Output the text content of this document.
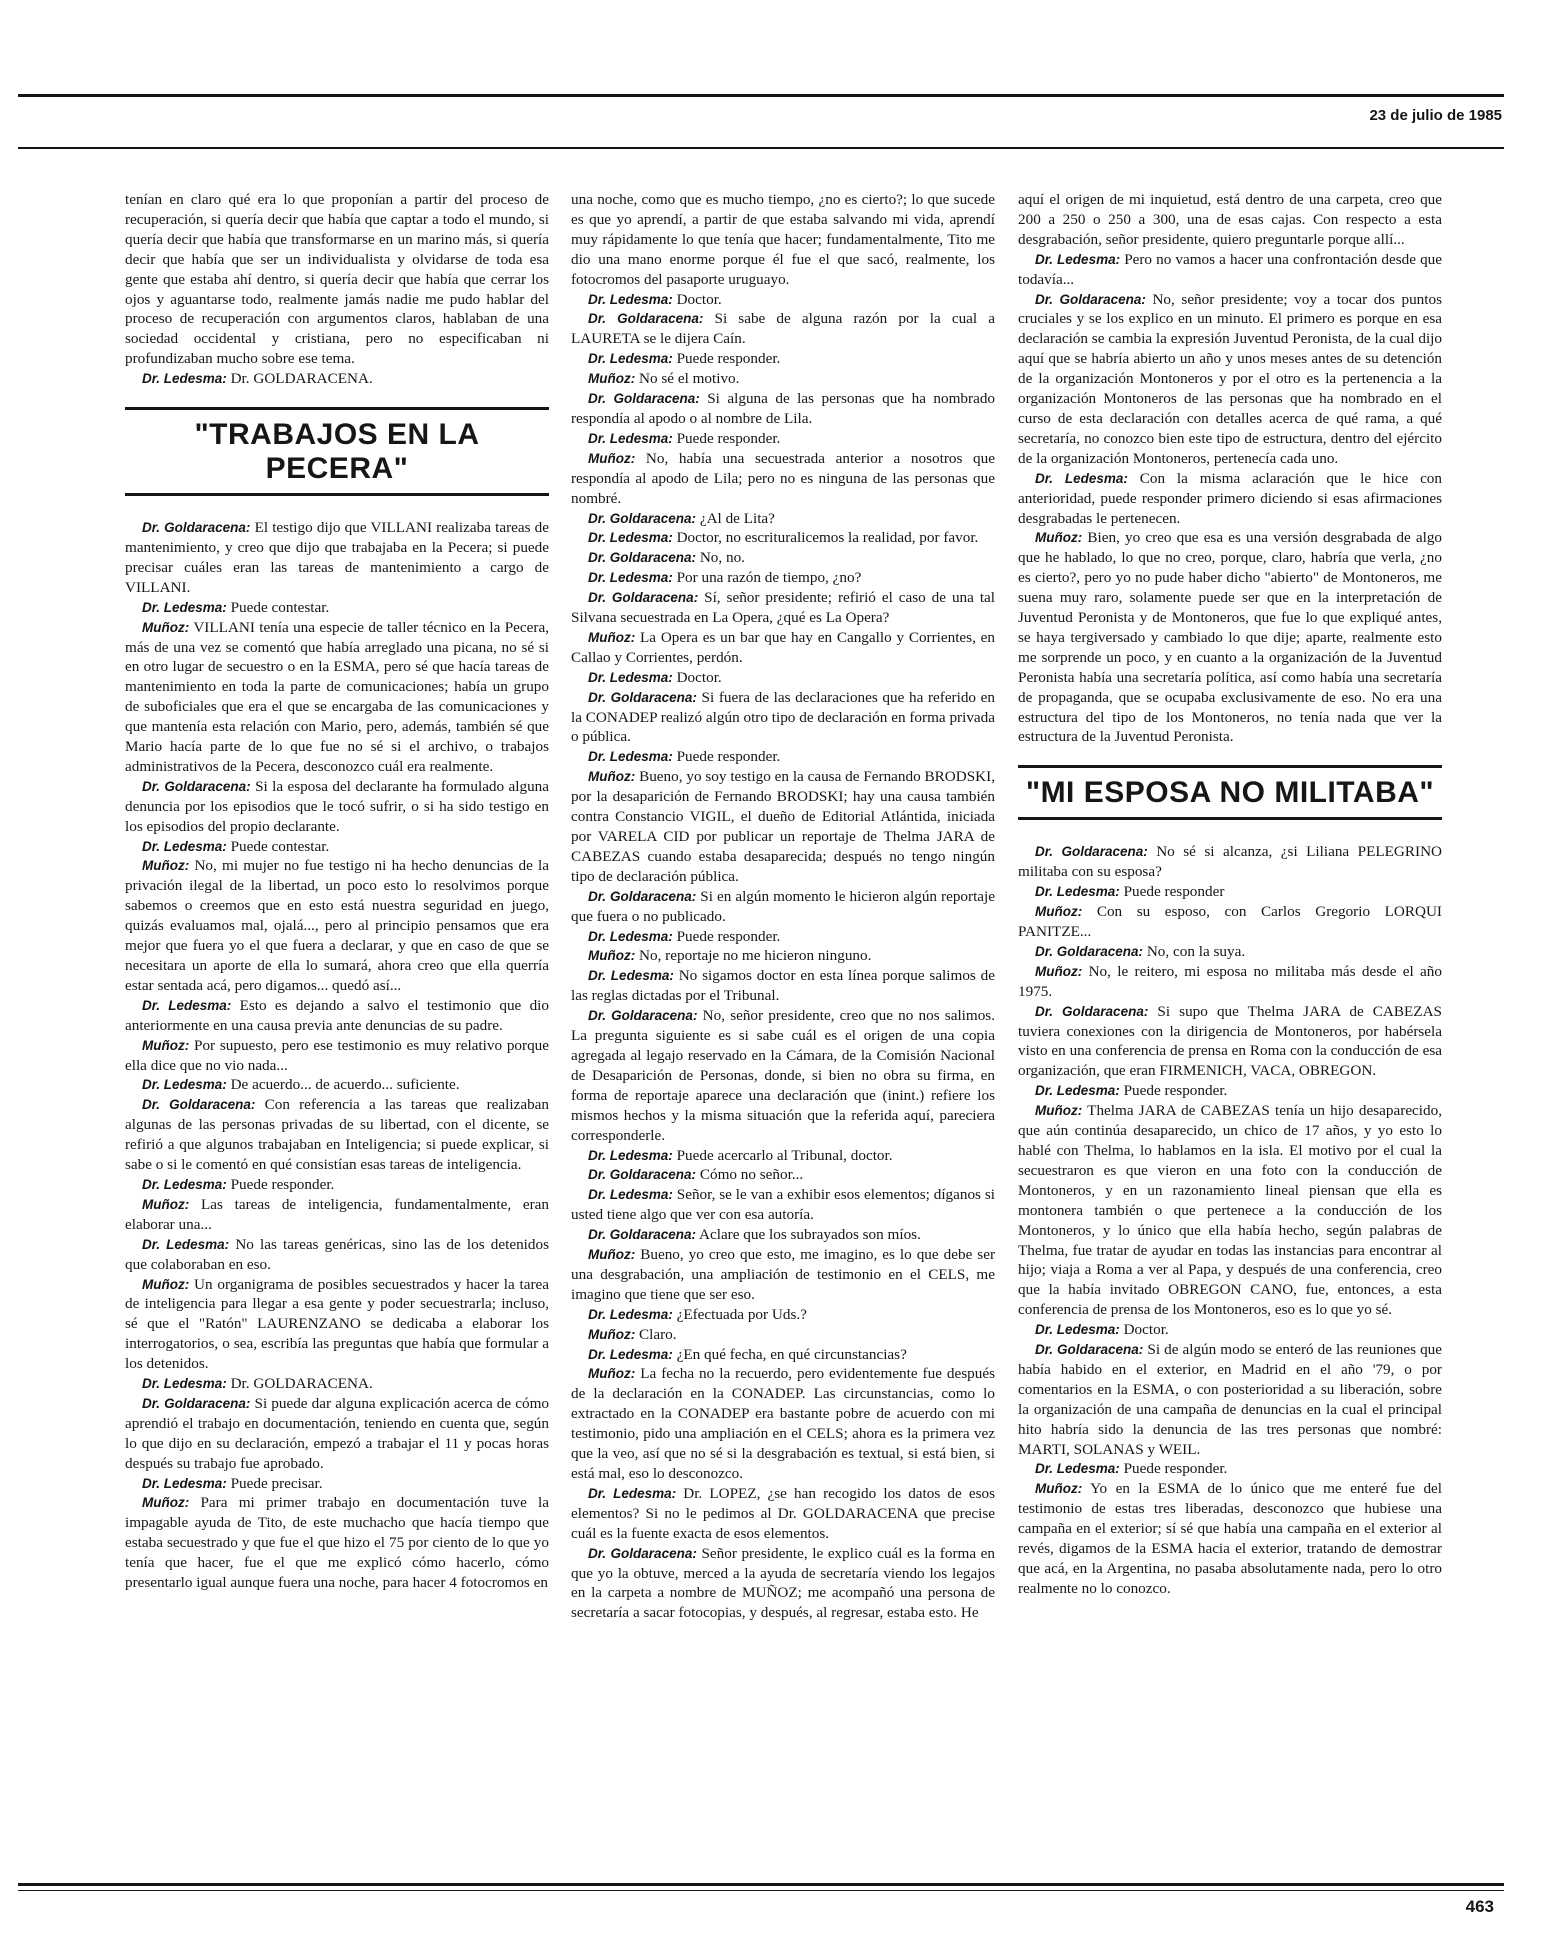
23 de julio de 1985

tenían en claro qué era lo que proponían a partir del proceso de recuperación, si quería decir que había que captar a todo el mundo, si quería decir que había que transformarse en un marino más, si quería decir que había que ser un individualista y olvidarse de toda esa gente que estaba ahí dentro, si quería decir que había que cerrar los ojos y aguantarse todo, realmente jamás nadie me pudo hablar del proceso de recuperación con argumentos claros, hablaban de una sociedad occidental y cristiana, pero no especificaban ni profundizaban mucho sobre ese tema.

Dr. Ledesma: Dr. GOLDARACENA.

"TRABAJOS EN LA PECERA"

Dr. Goldaracena: El testigo dijo que VILLANI realizaba tareas de mantenimiento, y creo que dijo que trabajaba en la Pecera; si puede precisar cuáles eran las tareas de mantenimiento a cargo de VILLANI.

Dr. Ledesma: Puede contestar.

Muñoz: VILLANI tenía una especie de taller técnico en la Pecera, más de una vez se comentó que había arreglado una picana, no sé si en otro lugar de secuestro o en la ESMA, pero sé que hacía tareas de mantenimiento en toda la parte de comunicaciones; había un grupo de suboficiales que era el que se encargaba de las comunicaciones y que mantenía esta relación con Mario, pero, además, también sé que Mario hacía parte de lo que fue no sé si el archivo, o trabajos administrativos de la Pecera, desconozco cuál era realmente.

Dr. Goldaracena: Si la esposa del declarante ha formulado alguna denuncia por los episodios que le tocó sufrir, o si ha sido testigo en los episodios del propio declarante.

Dr. Ledesma: Puede contestar.

Muñoz: No, mi mujer no fue testigo ni ha hecho denuncias de la privación ilegal de la libertad, un poco esto lo resolvimos porque sabemos o creemos que en esto está nuestra seguridad en juego, quizás evaluamos mal, ojalá..., pero al principio pensamos que era mejor que fuera yo el que fuera a declarar, y que en caso de que se necesitara un aporte de ella lo sumará, ahora creo que ella querría estar sentada acá, pero digamos... quedó así...

Dr. Ledesma: Esto es dejando a salvo el testimonio que dio anteriormente en una causa previa ante denuncias de su padre.

Muñoz: Por supuesto, pero ese testimonio es muy relativo porque ella dice que no vio nada...

Dr. Ledesma: De acuerdo... de acuerdo... suficiente.

Dr. Goldaracena: Con referencia a las tareas que realizaban algunas de las personas privadas de su libertad, con el dicente, se refirió a que algunos trabajaban en Inteligencia; si puede explicar, si sabe o si le comentó en qué consistían esas tareas de inteligencia.

Dr. Ledesma: Puede responder.

Muñoz: Las tareas de inteligencia, fundamentalmente, eran elaborar una...

Dr. Ledesma: No las tareas genéricas, sino las de los detenidos que colaboraban en eso.

Muñoz: Un organigrama de posibles secuestrados y hacer la tarea de inteligencia para llegar a esa gente y poder secuestrarla; incluso, sé que el "Ratón" LAURENZANO se dedicaba a elaborar los interrogatorios, o sea, escribía las preguntas que había que formular a los detenidos.

Dr. Ledesma: Dr. GOLDARACENA.

Dr. Goldaracena: Si puede dar alguna explicación acerca de cómo aprendió el trabajo en documentación, teniendo en cuenta que, según lo que dijo en su declaración, empezó a trabajar el 11 y pocas horas después su trabajo fue aprobado.

Dr. Ledesma: Puede precisar.

Muñoz: Para mi primer trabajo en documentación tuve la impagable ayuda de Tito, de este muchacho que hacía tiempo que estaba secuestrado y que fue el que hizo el 75 por ciento de lo que yo tenía que hacer, fue el que me explicó cómo hacerlo, cómo presentarlo igual aunque fuera una noche, para hacer 4 fotocromos en

una noche, como que es mucho tiempo, ¿no es cierto?; lo que sucede es que yo aprendí, a partir de que estaba salvando mi vida, aprendí muy rápidamente lo que tenía que hacer; fundamentalmente, Tito me dio una mano enorme porque él fue el que sacó, realmente, los fotocromos del pasaporte uruguayo.

Dr. Ledesma: Doctor.

Dr. Goldaracena: Si sabe de alguna razón por la cual a LAURETA se le dijera Caín.

Dr. Ledesma: Puede responder.

Muñoz: No sé el motivo.

Dr. Goldaracena: Si alguna de las personas que ha nombrado respondía al apodo o al nombre de Lila.

Dr. Ledesma: Puede responder.

Muñoz: No, había una secuestrada anterior a nosotros que respondía al apodo de Lila; pero no es ninguna de las personas que nombré.

Dr. Goldaracena: ¿Al de Lita?

Dr. Ledesma: Doctor, no escrituralicemos la realidad, por favor.

Dr. Goldaracena: No, no.

Dr. Ledesma: Por una razón de tiempo, ¿no?

Dr. Goldaracena: Sí, señor presidente; refirió el caso de una tal Silvana secuestrada en La Opera, ¿qué es La Opera?

Muñoz: La Opera es un bar que hay en Cangallo y Corrientes, en Callao y Corrientes, perdón.

Dr. Ledesma: Doctor.

Dr. Goldaracena: Si fuera de las declaraciones que ha referido en la CONADEP realizó algún otro tipo de declaración en forma privada o pública.

Dr. Ledesma: Puede responder.

Muñoz: Bueno, yo soy testigo en la causa de Fernando BRODSKI, por la desaparición de Fernando BRODSKI; hay una causa también contra Constancio VIGIL, el dueño de Editorial Atlántida, iniciada por VARELA CID por publicar un reportaje de Thelma JARA de CABEZAS cuando estaba desaparecida; después no tengo ningún tipo de declaración pública.

Dr. Goldaracena: Si en algún momento le hicieron algún reportaje que fuera o no publicado.

Dr. Ledesma: Puede responder.

Muñoz: No, reportaje no me hicieron ninguno.

Dr. Ledesma: No sigamos doctor en esta línea porque salimos de las reglas dictadas por el Tribunal.

Dr. Goldaracena: No, señor presidente, creo que no nos salimos. La pregunta siguiente es si sabe cuál es el origen de una copia agregada al legajo reservado en la Cámara, de la Comisión Nacional de Desaparición de Personas, donde, si bien no obra su firma, en forma de reportaje aparece una declaración que (inint.) refiere los mismos hechos y la misma situación que la referida aquí, pareciera corresponderle.

Dr. Ledesma: Puede acercarlo al Tribunal, doctor.

Dr. Goldaracena: Cómo no señor...

Dr. Ledesma: Señor, se le van a exhibir esos elementos; díganos si usted tiene algo que ver con esa autoría.

Dr. Goldaracena: Aclare que los subrayados son míos.

Muñoz: Bueno, yo creo que esto, me imagino, es lo que debe ser una desgrabación, una ampliación de testimonio en el CELS, me imagino que tiene que ser eso.

Dr. Ledesma: ¿Efectuada por Uds.?

Muñoz: Claro.

Dr. Ledesma: ¿En qué fecha, en qué circunstancias?

Muñoz: La fecha no la recuerdo, pero evidentemente fue después de la declaración en la CONADEP. Las circunstancias, como lo extractado en la CONADEP era bastante pobre de acuerdo con mi testimonio, pido una ampliación en el CELS; ahora es la primera vez que la veo, así que no sé si la desgrabación es textual, si está bien, si está mal, eso lo desconozco.

Dr. Ledesma: Dr. LOPEZ, ¿se han recogido los datos de esos elementos? Si no le pedimos al Dr. GOLDARACENA que precise cuál es la fuente exacta de esos elementos.

Dr. Goldaracena: Señor presidente, le explico cuál es la forma en que yo la obtuve, merced a la ayuda de secretaría viendo los legajos en la carpeta a nombre de MUÑOZ; me acompañó una persona de secretaría a sacar fotocopias, y después, al regresar, estaba esto. He

aquí el origen de mi inquietud, está dentro de una carpeta, creo que 200 a 250 o 250 a 300, una de esas cajas. Con respecto a esta desgrabación, señor presidente, quiero preguntarle porque allí...

Dr. Ledesma: Pero no vamos a hacer una confrontación desde que todavía...

Dr. Goldaracena: No, señor presidente; voy a tocar dos puntos cruciales y se los explico en un minuto. El primero es porque en esa declaración se cambia la expresión Juventud Peronista, de la cual dijo aquí que se habría abierto un año y unos meses antes de su detención de la organización Montoneros y por el otro es la pertenencia a la organización Montoneros de las personas que ha nombrado en el curso de esta declaración con detalles acerca de qué rama, a qué secretaría, no conozco bien este tipo de estructura, dentro del ejército de la organización Montoneros, pertenecía cada uno.

Dr. Ledesma: Con la misma aclaración que le hice con anterioridad, puede responder primero diciendo si esas afirmaciones desgrabadas le pertenecen.

Muñoz: Bien, yo creo que esa es una versión desgrabada de algo que he hablado, lo que no creo, porque, claro, habría que verla, ¿no es cierto?, pero yo no pude haber dicho "abierto" de Montoneros, me suena muy raro, solamente puede ser que en la interpretación de Juventud Peronista y de Montoneros, que fue lo que expliqué antes, se haya tergiversado y cambiado lo que dije; aparte, realmente esto me sorprende un poco, y en cuanto a la organización de la Juventud Peronista había una secretaría política, así como había una secretaría de propaganda, que se ocupaba exclusivamente de eso. No era una estructura del tipo de los Montoneros, no tenía nada que ver la estructura de la Juventud Peronista.

"MI ESPOSA NO MILITABA"

Dr. Goldaracena: No sé si alcanza, ¿si Liliana PELEGRINO militaba con su esposa?

Dr. Ledesma: Puede responder

Muñoz: Con su esposo, con Carlos Gregorio LORQUI PANITZE...

Dr. Goldaracena: No, con la suya.

Muñoz: No, le reitero, mi esposa no militaba más desde el año 1975.

Dr. Goldaracena: Si supo que Thelma JARA de CABEZAS tuviera conexiones con la dirigencia de Montoneros, por habérsela visto en una conferencia de prensa en Roma con la conducción de esa organización, que eran FIRMENICH, VACA, OBREGON.

Dr. Ledesma: Puede responder.

Muñoz: Thelma JARA de CABEZAS tenía un hijo desaparecido, que aún continúa desaparecido, un chico de 17 años, y yo esto lo hablé con Thelma, lo hablamos en la isla. El motivo por el cual la secuestraron es que vieron en una foto con la conducción de Montoneros, y en un razonamiento lineal piensan que ella es montonera también o que pertenece a la conducción de los Montoneros, y lo único que ella había hecho, según palabras de Thelma, fue tratar de ayudar en todas las instancias para encontrar al hijo; viaja a Roma a ver al Papa, y después de una conferencia, creo que la había invitado OBREGON CANO, fue, entonces, a esta conferencia de prensa de los Montoneros, eso es lo que yo sé.

Dr. Ledesma: Doctor.

Dr. Goldaracena: Si de algún modo se enteró de las reuniones que había habido en el exterior, en Madrid en el año '79, o por comentarios en la ESMA, o con posterioridad a su liberación, sobre la organización de una campaña de denuncias en la cual el principal hito habría sido la denuncia de las tres personas que nombré: MARTI, SOLANAS y WEIL.

Dr. Ledesma: Puede responder.

Muñoz: Yo en la ESMA de lo único que me enteré fue del testimonio de estas tres liberadas, desconozco que hubiese una campaña en el exterior; sí sé que había una campaña en el exterior al revés, digamos de la ESMA hacia el exterior, tratando de demostrar que acá, en la Argentina, no pasaba absolutamente nada, pero lo otro realmente no lo conozco.

463
